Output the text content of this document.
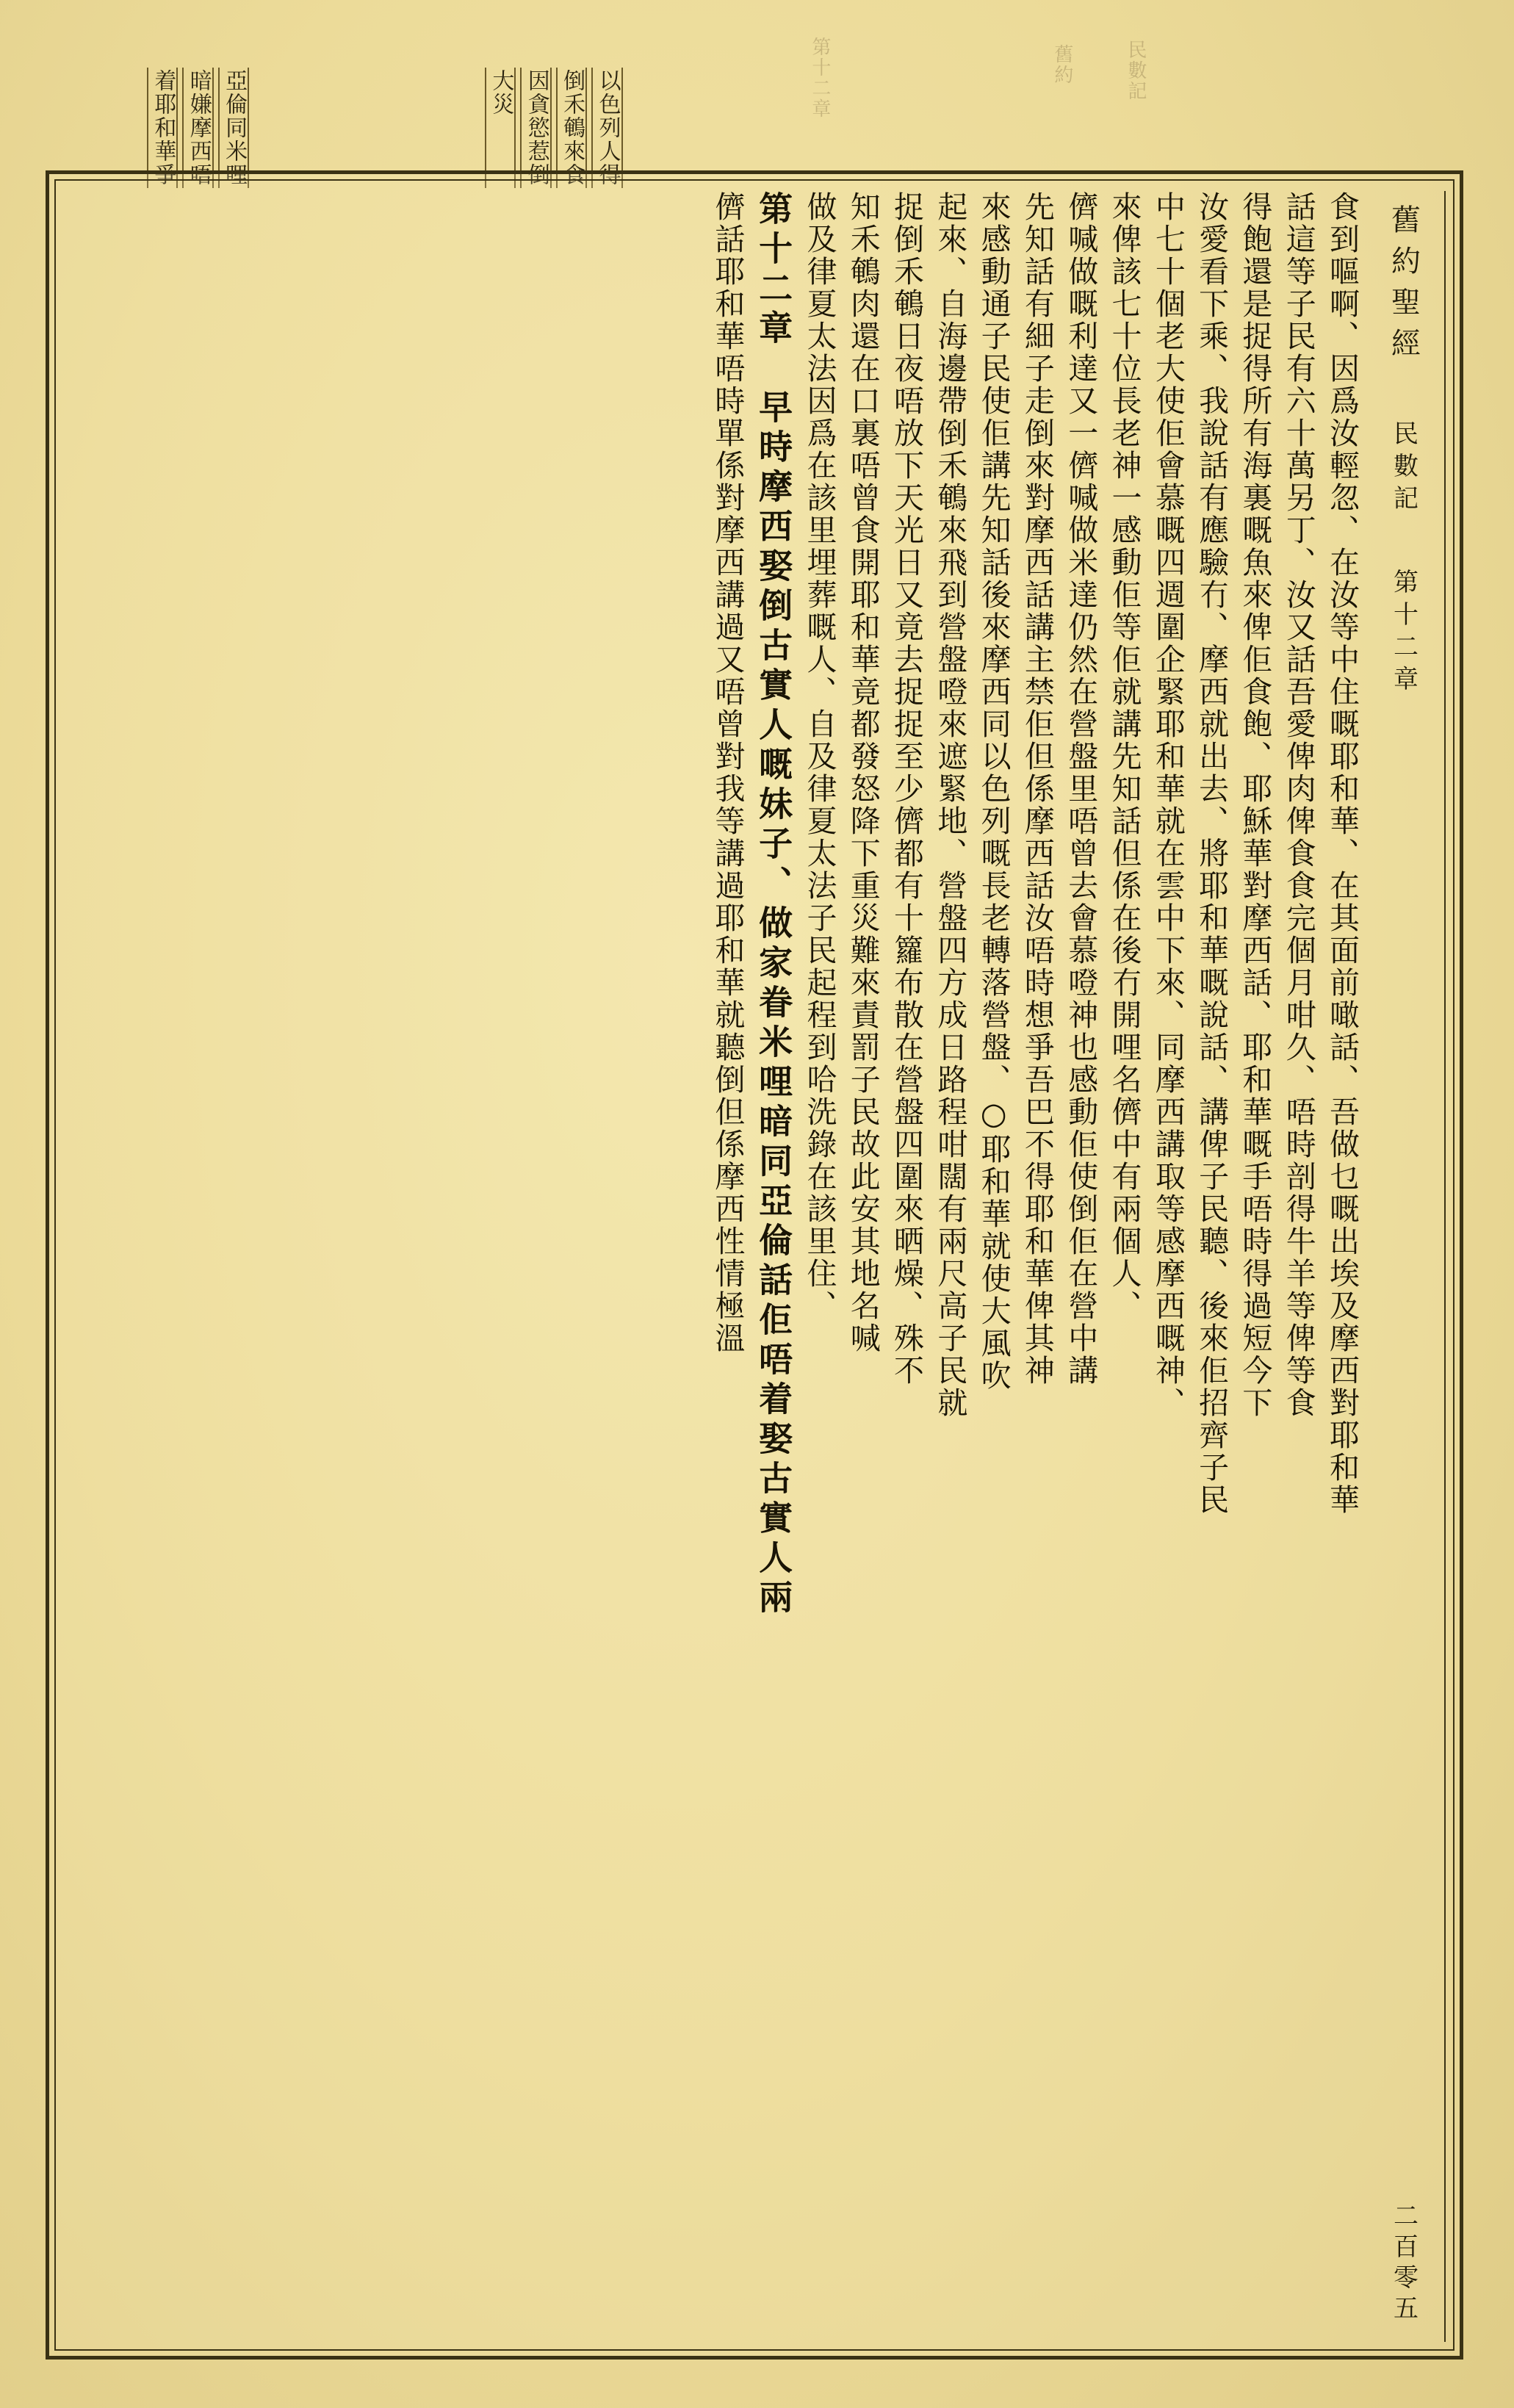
以色列人得
倒禾鵪來食
因貪慾惹倒
大災
亞倫同米哩
暗嫌摩西唔
着耶和華爭
舊約	民數記
第十二章
食到嘔啊、因爲汝輕忽、在汝等中住嘅耶和華、在其面前噉話、吾做乜嘅出埃及摩西對耶和華
話這等子民有六十萬另丁、汝又話吾愛俾肉俾食食完個月咁久、唔時剖得牛羊等俾等食
得飽還是捉得所有海裏嘅魚來俾佢食飽、耶穌華對摩西話、耶和華嘅手唔時得過短今下
汝愛看下乘、我說話有應驗冇、摩西就出去、將耶和華嘅說話、講俾子民聽、後來佢招齊子民
中七十個老大使佢會慕嘅四週圍企緊耶和華就在雲中下來、同摩西講取等感摩西嘅神、
來俾該七十位長老神一感動佢等佢就講先知話但係在後冇開哩名儕中有兩個人、
儕喊做嘅利達又一儕喊做米達仍然在營盤里唔曾去會慕噔神也感動佢使倒佢在營中講
先知話有細子走倒來對摩西話講主禁佢但係摩西話汝唔時想爭吾巴不得耶和華俾其神
來感動通子民使佢講先知話後來摩西同以色列嘅長老轉落營盤、○耶和華就使大風吹
起來、自海邊帶倒禾鵪來飛到營盤噔來遮緊地、營盤四方成日路程咁闊有兩尺高子民就
捉倒禾鵪日夜唔放下天光日又竟去捉捉至少儕都有十籮布散在營盤四圍來晒燥、殊不
知禾鵪肉還在口裏唔曾食開耶和華竟都發怒降下重災難來責罰子民故此安其地名喊
做及律夏太法因爲在該里埋葬嘅人、自及律夏太法子民起程到哈洗錄在該里住、
第十二章　早時摩西娶倒古實人嘅妹子、做家眷米哩暗同亞倫話佢唔着娶古實人兩
儕話耶和華唔時單係對摩西講過又唔曾對我等講過耶和華就聽倒但係摩西性情極溫	舊約聖經
民數記
第十二章
二百零五
